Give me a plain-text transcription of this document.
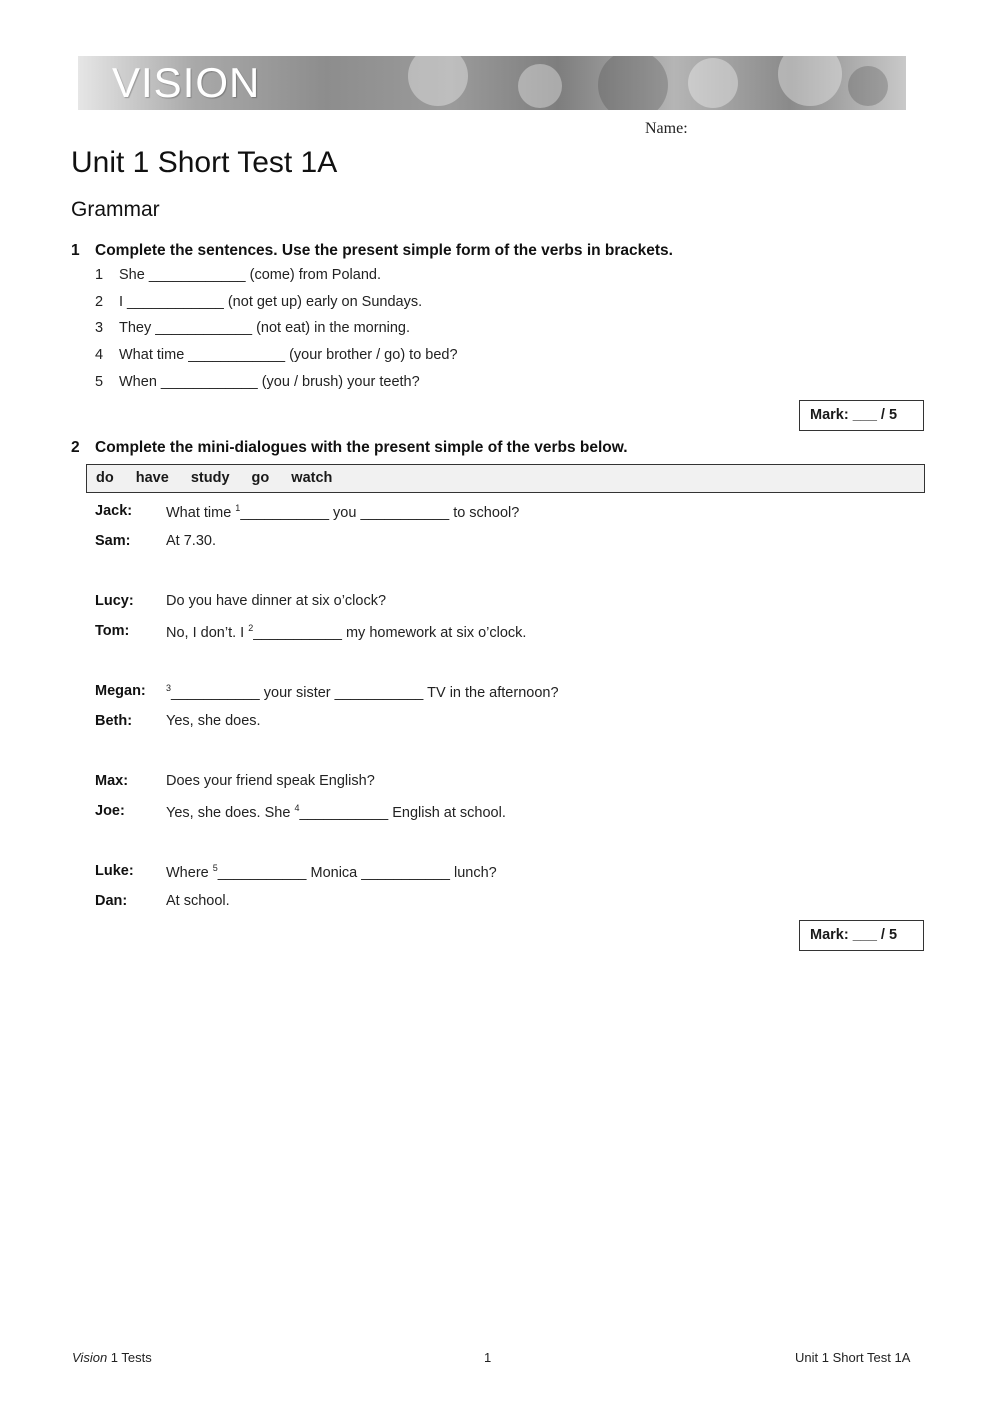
VISION
Name:
Unit 1 Short Test 1A
Grammar
1 Complete the sentences. Use the present simple form of the verbs in brackets.
1 She ____________ (come) from Poland.
2 I ____________ (not get up) early on Sundays.
3 They ____________ (not eat) in the morning.
4 What time ____________ (your brother / go) to bed?
5 When ____________ (you / brush) your teeth?
Mark: ___ / 5
2 Complete the mini-dialogues with the present simple of the verbs below.
do have study go watch
Jack: What time $^1$___________ you ___________ to school?
Sam: At 7.30.
Lucy: Do you have dinner at six o’clock?
Tom:	No, I don’t. I $^2$___________ my homework at six o’clock.
Megan: $^3$___________ your sister ___________ TV in the afternoon?
Beth: Yes, she does.
Max:	Does your friend speak English?
Joe:	Yes, she does. She $^4$___________ English at school.
Luke: Where $^5$___________ Monica ___________ lunch?
Dan:	At school.
Mark: ___ / 5
Vision 1 Tests	1	Unit 1 Short Test 1A
